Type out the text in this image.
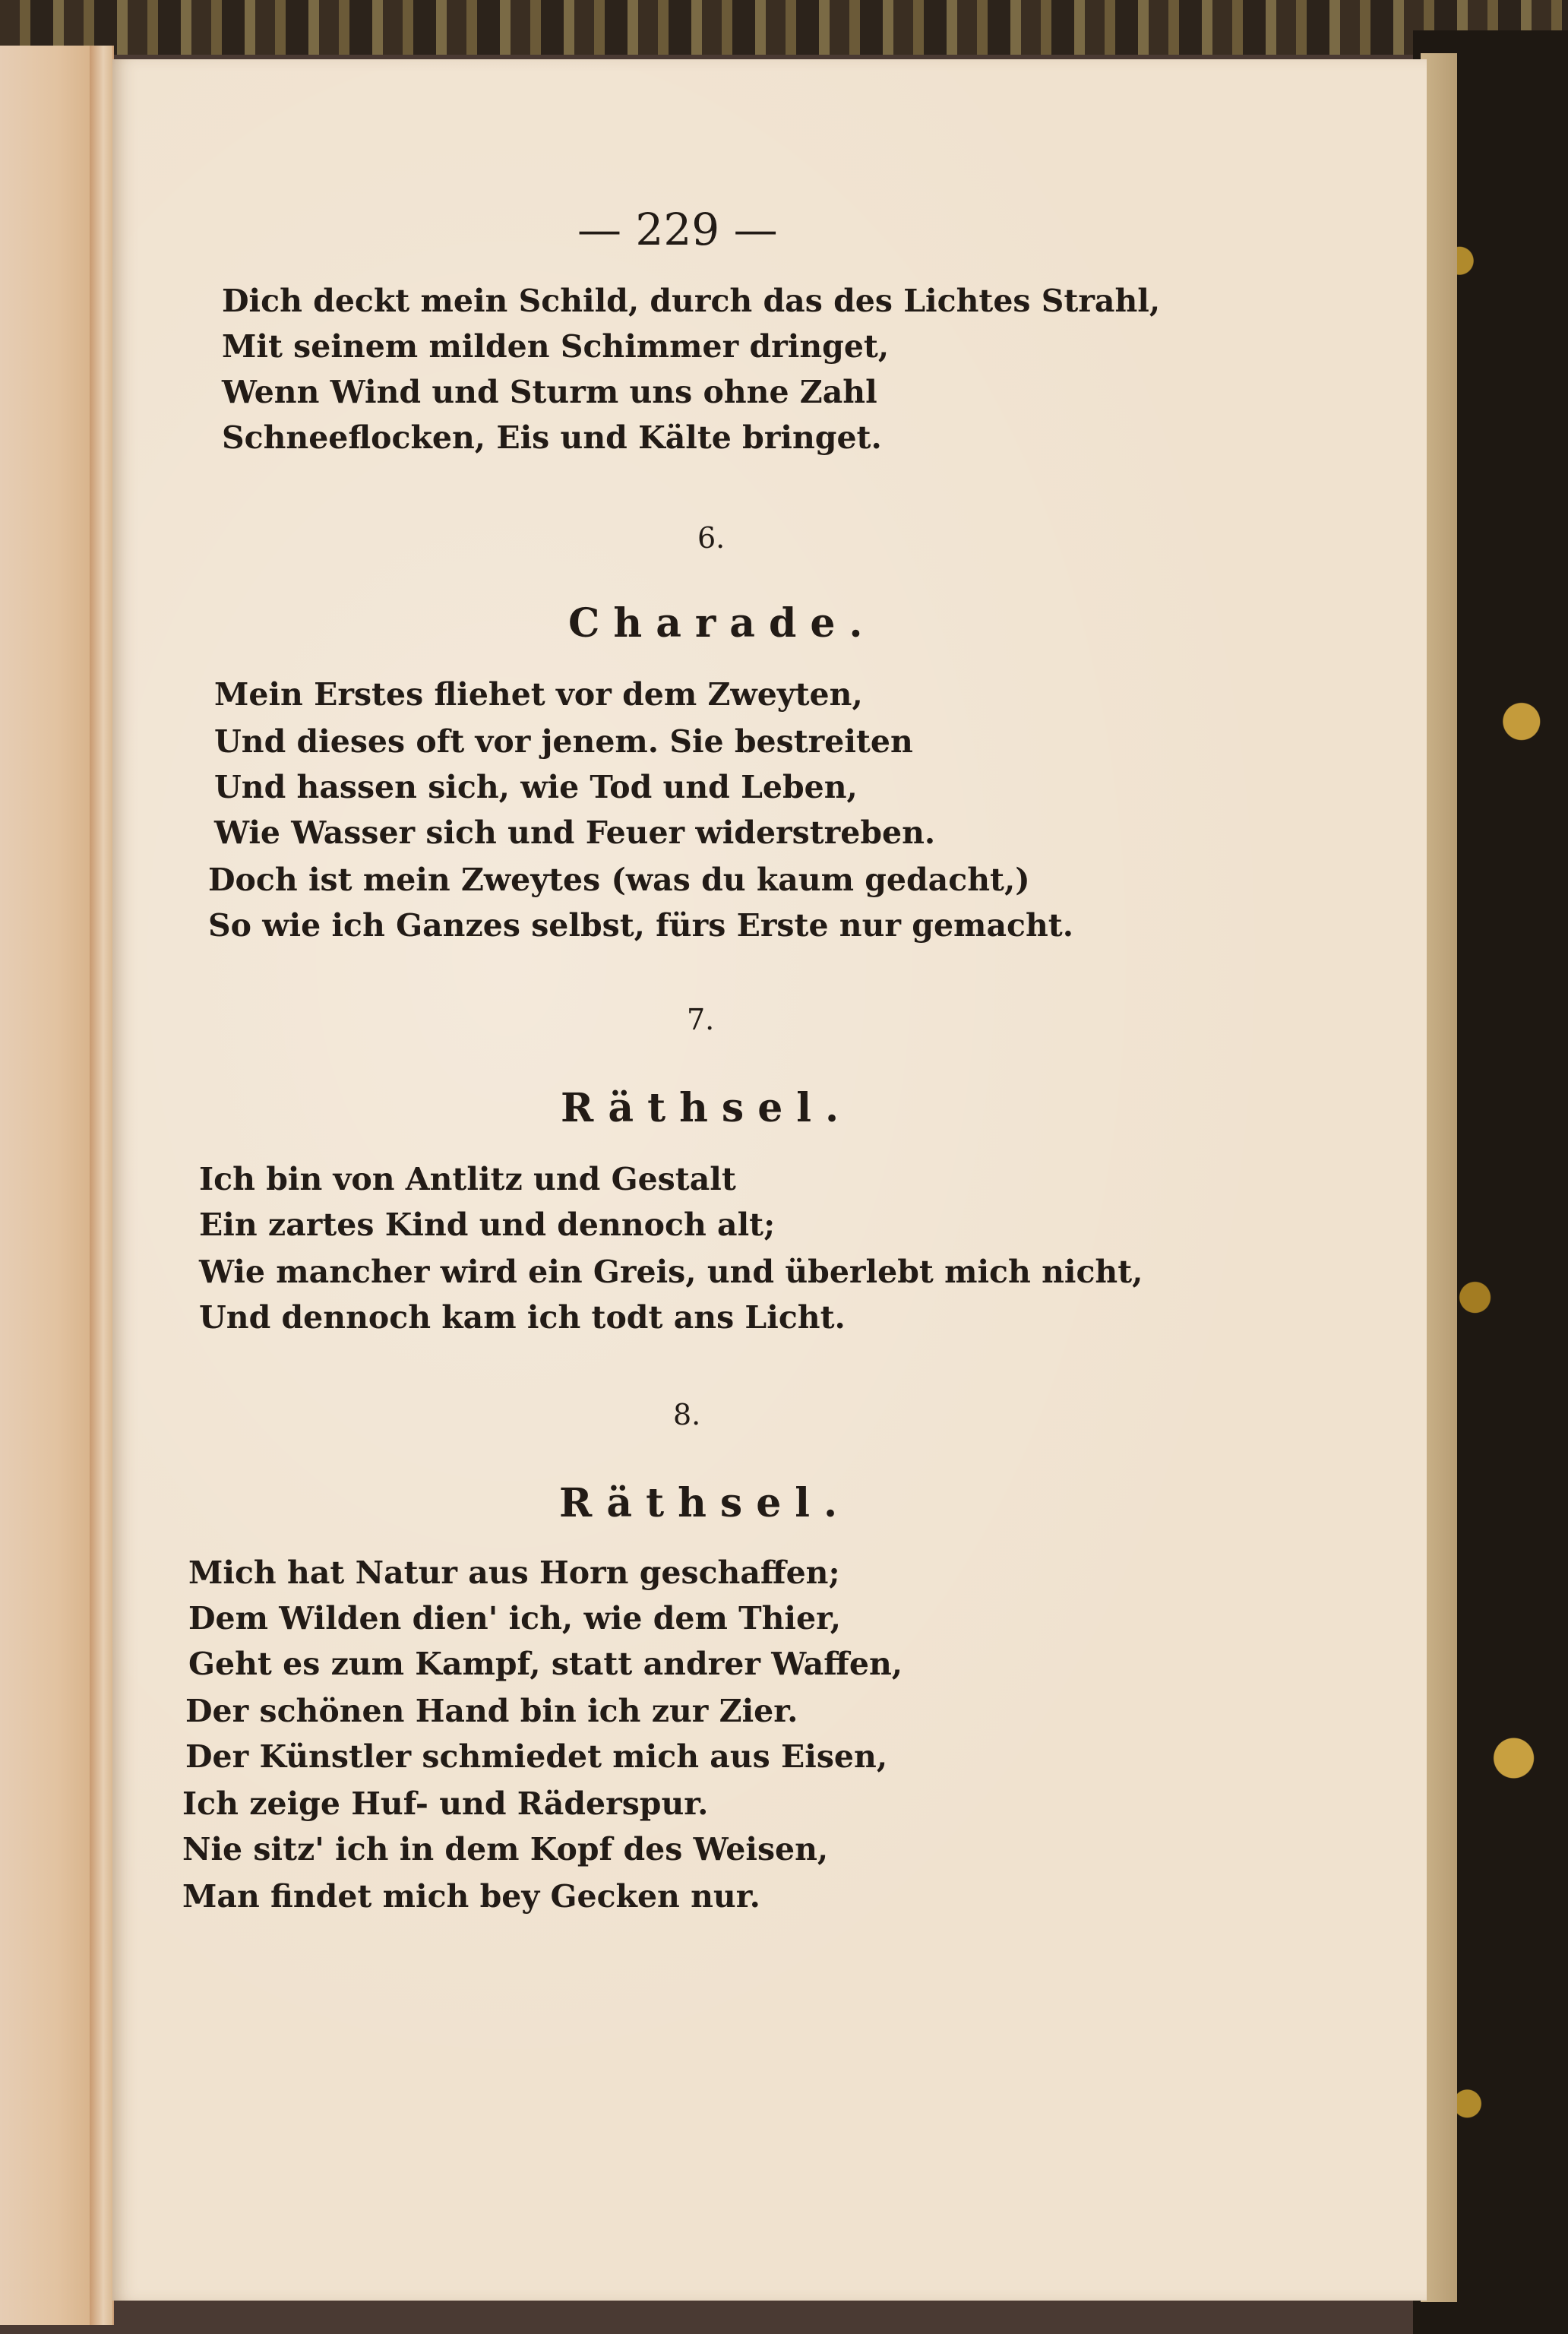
— 229 —

Dich deckt mein Schild, durch das des Lichtes Strahl,

Mit seinem milden Schimmer dringet,

Wenn Wind und Sturm uns ohne Zahl

Schneeflocken, Eis und Kälte bringet.

6.

Charade.

Mein Erstes fliehet vor dem Zweyten,

Und dieses oft vor jenem. Sie bestreiten

Und hassen sich, wie Tod und Leben,

Wie Wasser sich und Feuer widerstreben.

Doch ist mein Zweytes (was du kaum gedacht,)

So wie ich Ganzes selbst, fürs Erste nur gemacht.

7.

Räthsel.

Ich bin von Antlitz und Gestalt

Ein zartes Kind und dennoch alt;

Wie mancher wird ein Greis, und überlebt mich nicht,

Und dennoch kam ich todt ans Licht.

8.

Räthsel.

Mich hat Natur aus Horn geschaffen;

Dem Wilden dien' ich, wie dem Thier,

Geht es zum Kampf, statt andrer Waffen,

Der schönen Hand bin ich zur Zier.

Der Künstler schmiedet mich aus Eisen,

Ich zeige Huf- und Räderspur.

Nie sitz' ich in dem Kopf des Weisen,

Man findet mich bey Gecken nur.
